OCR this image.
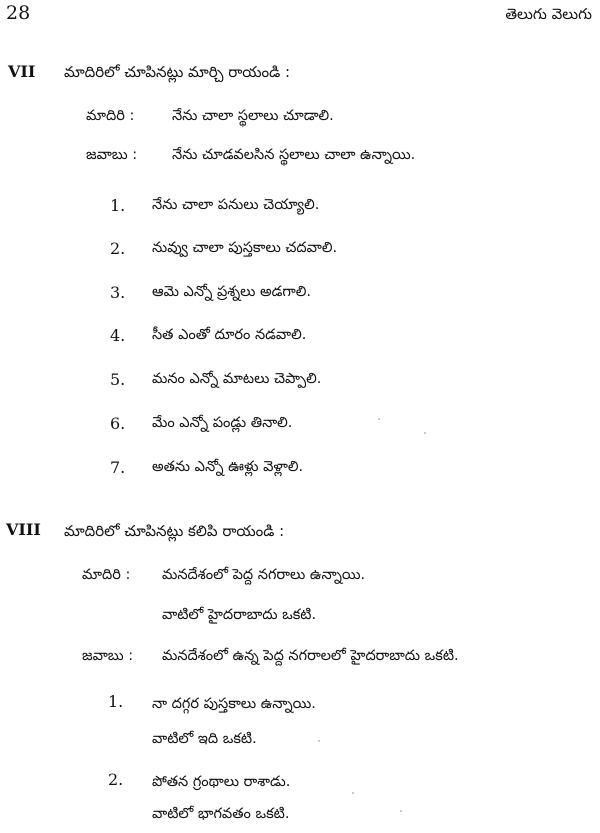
28	తెలుగు వెలుగు
VII మాదిరిలో చూపినట్లు మార్చి రాయండి :
మాదిరి :	నేను చాలా స్థలాలు చూడాలి.
జవాబు : నేను చూడవలసిన స్థలాలు చాలా ఉన్నాయి.
1. నేను చాలా పనులు చెయ్యాలి.
2. నువ్వు చాలా పుస్తకాలు చదవాలి.
3. ఆమె ఎన్నో ప్రశ్నలు అడగాలి.
4. సీత ఎంతో దూరం నడవాలి.
5. మనం ఎన్నో మాటలు చెప్పాలి.
6. మేం ఎన్నో పండ్లు తినాలి.
7. అతను ఎన్నో ఊళ్లు వెళ్లాలి.
VIII మాదిరిలో చూపినట్లు కలిపి రాయండి :
మాదిరి : మనదేశంలో పెద్ద నగరాలు ఉన్నాయి.
వాటిలో హైదరాబాదు ఒకటి.
జవాబు : మనదేశంలో ఉన్న పెద్ద నగరాలలో హైదరాబాదు ఒకటి.
1. నా దగ్గర పుస్తకాలు ఉన్నాయి.
వాటిలో ఇది ఒకటి.
2. పోతన గ్రంథాలు రాశాడు.
వాటిలో భాగవతం ఒకటి.
